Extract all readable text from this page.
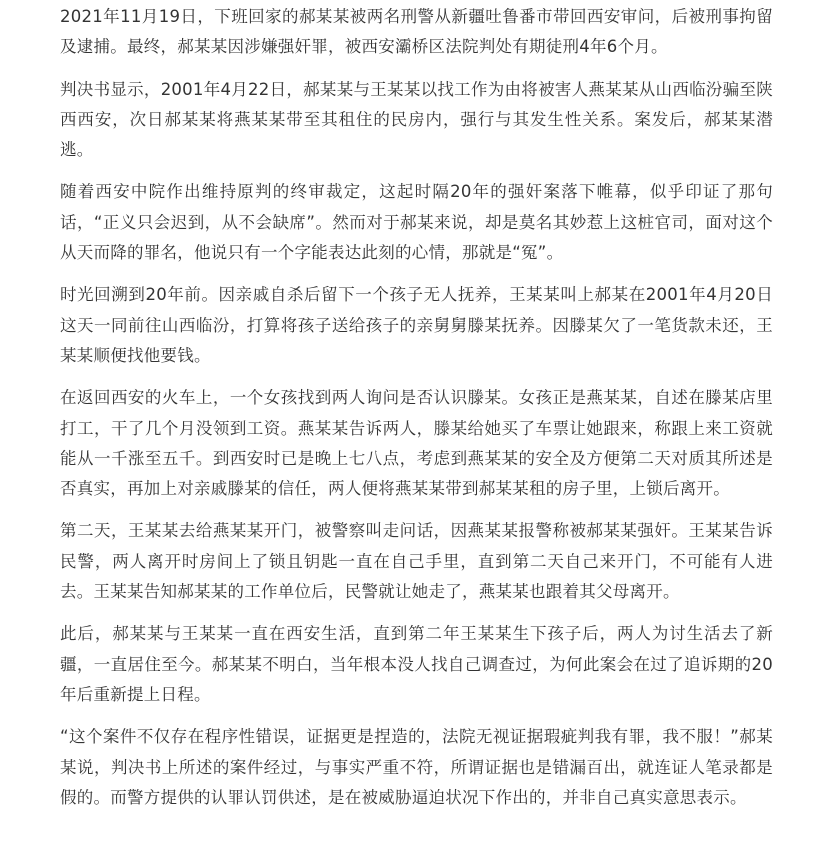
2021年11月19日，下班回家的郝某某被两名刑警从新疆吐鲁番市带回西安审问，后被刑事拘留及逮捕。最终，郝某某因涉嫌强奸罪，被西安灞桥区法院判处有期徒刑4年6个月。

判决书显示，2001年4月22日，郝某某与王某某以找工作为由将被害人燕某某从山西临汾骗至陕西西安，次日郝某某将燕某某带至其租住的民房内，强行与其发生性关系。案发后，郝某某潜逃。

随着西安中院作出维持原判的终审裁定，这起时隔20年的强奸案落下帷幕，似乎印证了那句话，“正义只会迟到，从不会缺席”。然而对于郝某来说，却是莫名其妙惹上这桩官司，面对这个从天而降的罪名，他说只有一个字能表达此刻的心情，那就是“冤”。

时光回溯到20年前。因亲戚自杀后留下一个孩子无人抚养，王某某叫上郝某在2001年4月20日这天一同前往山西临汾，打算将孩子送给孩子的亲舅舅滕某抚养。因滕某欠了一笔货款未还，王某某顺便找他要钱。

在返回西安的火车上，一个女孩找到两人询问是否认识滕某。女孩正是燕某某，自述在滕某店里打工，干了几个月没领到工资。燕某某告诉两人，滕某给她买了车票让她跟来，称跟上来工资就能从一千涨至五千。到西安时已是晚上七八点，考虑到燕某某的安全及方便第二天对质其所述是否真实，再加上对亲戚滕某的信任，两人便将燕某某带到郝某某租的房子里，上锁后离开。

第二天，王某某去给燕某某开门，被警察叫走问话，因燕某某报警称被郝某某强奸。王某某告诉民警，两人离开时房间上了锁且钥匙一直在自己手里，直到第二天自己来开门，不可能有人进去。王某某告知郝某某的工作单位后，民警就让她走了，燕某某也跟着其父母离开。

此后，郝某某与王某某一直在西安生活，直到第二年王某某生下孩子后，两人为讨生活去了新疆，一直居住至今。郝某某不明白，当年根本没人找自己调查过，为何此案会在过了追诉期的20年后重新提上日程。

“这个案件不仅存在程序性错误，证据更是捏造的，法院无视证据瑕疵判我有罪，我不服！”郝某某说，判决书上所述的案件经过，与事实严重不符，所谓证据也是错漏百出，就连证人笔录都是假的。而警方提供的认罪认罚供述，是在被威胁逼迫状况下作出的，并非自己真实意思表示。
